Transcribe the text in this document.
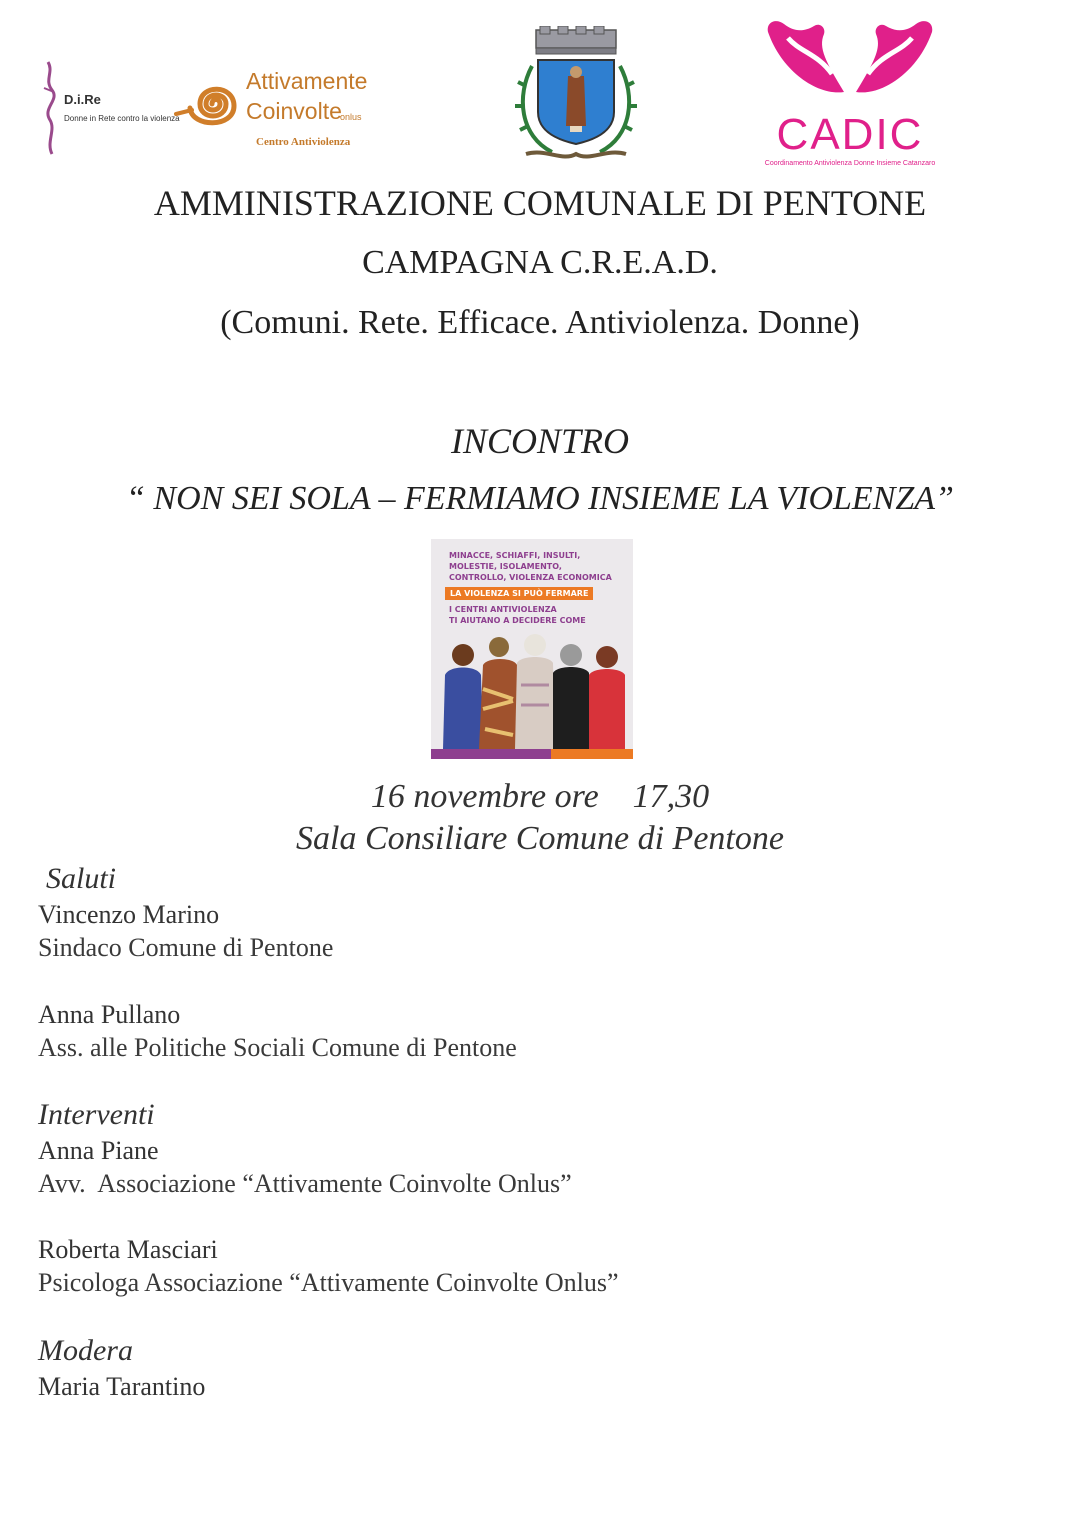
D.i.Re
Donne in Rete contro la violenza
Attivamente
Coinvolte
onlus
Centro Antiviolenza	CADIC
Coordinamento Antiviolenza Donne Insieme Catanzaro
AMMINISTRAZIONE COMUNALE DI PENTONE
CAMPAGNA C.R.E.A.D.
(Comuni. Rete. Efficace. Antiviolenza. Donne)
INCONTRO
“ NON SEI SOLA – FERMIAMO INSIEME LA VIOLENZA”
MINACCE, SCHIAFFI, INSULTI,
MOLESTIE, ISOLAMENTO,
CONTROLLO, VIOLENZA ECONOMICA
LA VIOLENZA SI PUÒ FERMARE
I CENTRI ANTIVIOLENZA
TI AIUTANO A DECIDERE COME
16 novembre ore    17,30
Sala Consiliare Comune di Pentone
Saluti
Vincenzo Marino
Sindaco Comune di Pentone
Anna Pullano
Ass. alle Politiche Sociali Comune di Pentone
Interventi
Anna Piane
Avv.  Associazione “Attivamente Coinvolte Onlus”
Roberta Masciari
Psicologa Associazione “Attivamente Coinvolte Onlus”
Modera
Maria Tarantino
